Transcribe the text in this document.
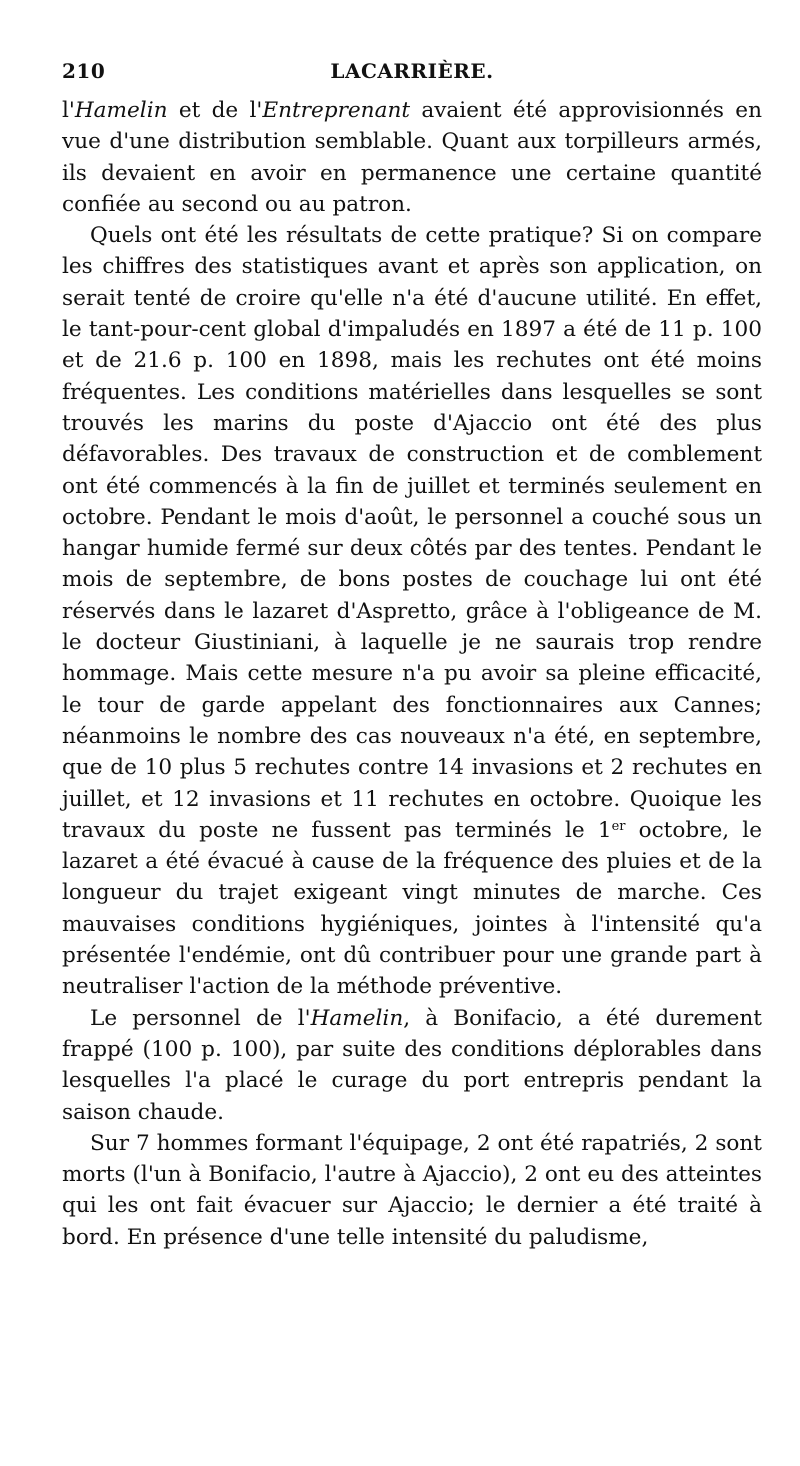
210	LACARRIÈRE.

l'Hamelin et de l'Entreprenant avaient été approvisionnés en vue d'une distribution semblable. Quant aux torpilleurs armés, ils devaient en avoir en permanence une certaine quantité confiée au second ou au patron.

Quels ont été les résultats de cette pratique? Si on compare les chiffres des statistiques avant et après son application, on serait tenté de croire qu'elle n'a été d'aucune utilité. En effet, le tant-pour-cent global d'impaludés en 1897 a été de 11 p. 100 et de 21.6 p. 100 en 1898, mais les rechutes ont été moins fréquentes. Les conditions matérielles dans lesquelles se sont trouvés les marins du poste d'Ajaccio ont été des plus défavorables. Des travaux de construction et de comblement ont été commencés à la fin de juillet et terminés seulement en octobre. Pendant le mois d'août, le personnel a couché sous un hangar humide fermé sur deux côtés par des tentes. Pendant le mois de septembre, de bons postes de couchage lui ont été réservés dans le lazaret d'Aspretto, grâce à l'obligeance de M. le docteur Giustiniani, à laquelle je ne saurais trop rendre hommage. Mais cette mesure n'a pu avoir sa pleine efficacité, le tour de garde appelant des fonctionnaires aux Cannes; néanmoins le nombre des cas nouveaux n'a été, en septembre, que de 10 plus 5 rechutes contre 14 invasions et 2 rechutes en juillet, et 12 invasions et 11 rechutes en octobre. Quoique les travaux du poste ne fussent pas terminés le 1er octobre, le lazaret a été évacué à cause de la fréquence des pluies et de la longueur du trajet exigeant vingt minutes de marche. Ces mauvaises conditions hygiéniques, jointes à l'intensité qu'a présentée l'endémie, ont dû contribuer pour une grande part à neutraliser l'action de la méthode préventive.

Le personnel de l'Hamelin, à Bonifacio, a été durement frappé (100 p. 100), par suite des conditions déplorables dans lesquelles l'a placé le curage du port entrepris pendant la saison chaude.

Sur 7 hommes formant l'équipage, 2 ont été rapatriés, 2 sont morts (l'un à Bonifacio, l'autre à Ajaccio), 2 ont eu des atteintes qui les ont fait évacuer sur Ajaccio; le dernier a été traité à bord. En présence d'une telle intensité du paludisme,
